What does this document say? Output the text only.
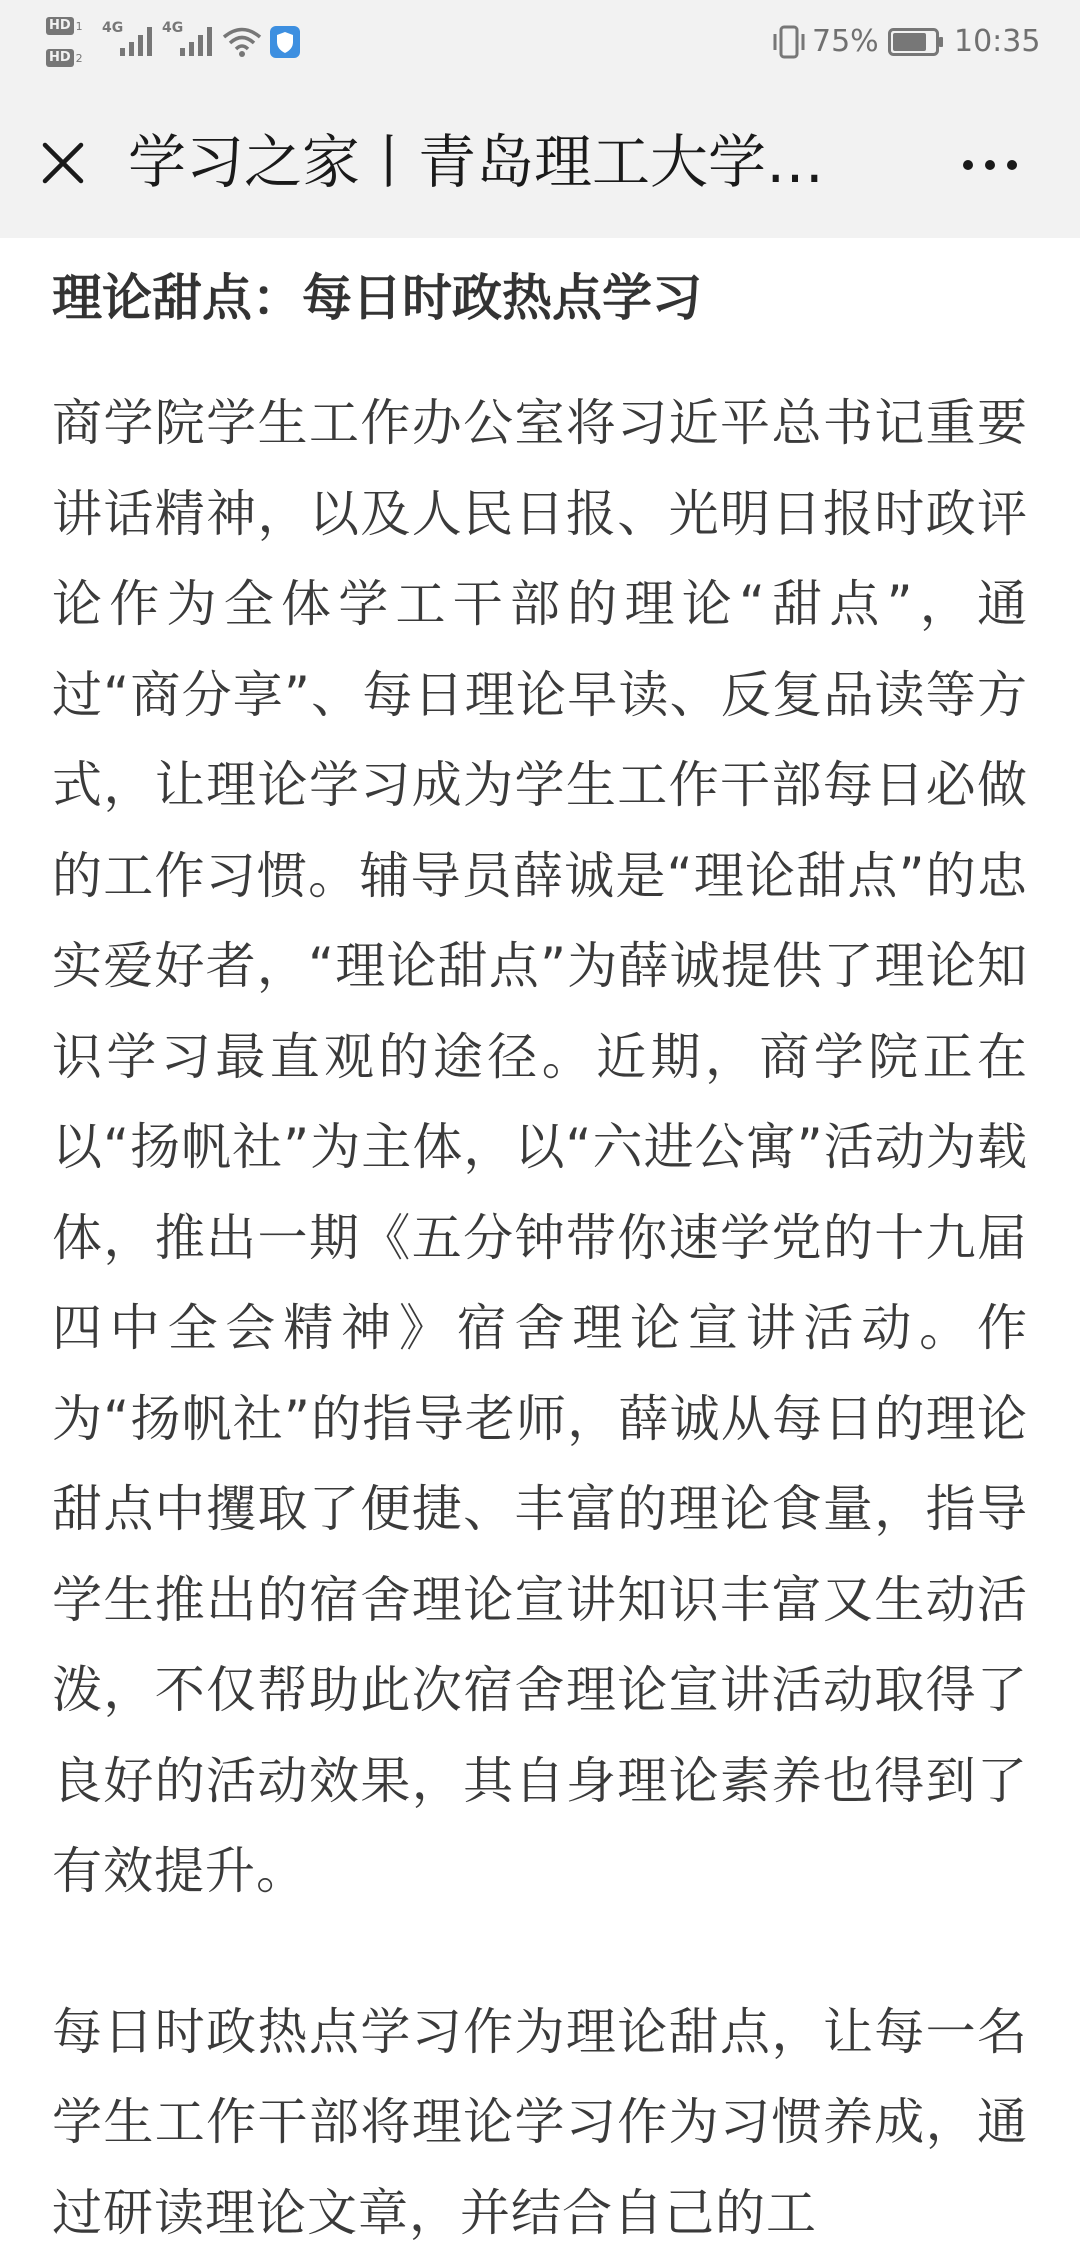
HD 1
HD 2
4G	4G	75%	10:35
学习之家丨青岛理工大学…
理论甜点：每日时政热点学习

商学院学生工作办公室将习近平总书记重要讲话精神，以及人民日报、光明日报时政评论作为全体学工干部的理论“甜点”，通过“商分享”、每日理论早读、反复品读等方式，让理论学习成为学生工作干部每日必做的工作习惯。辅导员薛诚是“理论甜点”的忠实爱好者，“理论甜点”为薛诚提供了理论知识学习最直观的途径。近期，商学院正在以“扬帆社”为主体，以“六进公寓”活动为载体，推出一期《五分钟带你速学党的十九届四中全会精神》宿舍理论宣讲活动。作为“扬帆社”的指导老师，薛诚从每日的理论甜点中攫取了便捷、丰富的理论食量，指导学生推出的宿舍理论宣讲知识丰富又生动活泼，不仅帮助此次宿舍理论宣讲活动取得了良好的活动效果，其自身理论素养也得到了有效提升。

每日时政热点学习作为理论甜点，让每一名学生工作干部将理论学习作为习惯养成，通过研读理论文章，并结合自己的工
